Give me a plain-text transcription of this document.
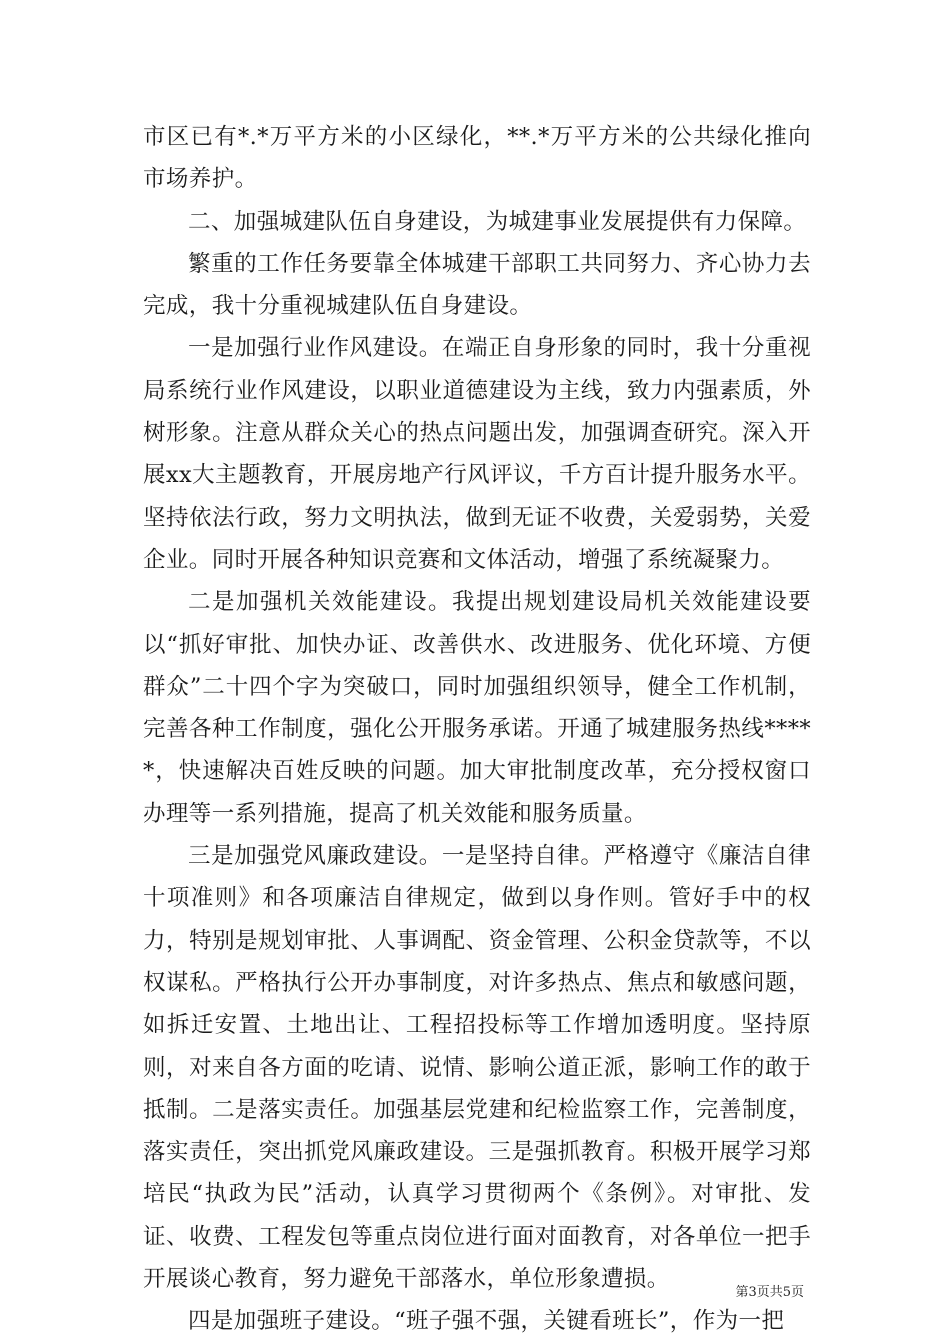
市区已有*.*万平方米的小区绿化，**.*万平方米的公共绿化推向市场养护。

二、加强城建队伍自身建设，为城建事业发展提供有力保障。

繁重的工作任务要靠全体城建干部职工共同努力、齐心协力去完成，我十分重视城建队伍自身建设。

一是加强行业作风建设。在端正自身形象的同时，我十分重视局系统行业作风建设，以职业道德建设为主线，致力内强素质，外树形象。注意从群众关心的热点问题出发，加强调查研究。深入开展xx大主题教育，开展房地产行风评议，千方百计提升服务水平。坚持依法行政，努力文明执法，做到无证不收费，关爱弱势，关爱企业。同时开展各种知识竞赛和文体活动，增强了系统凝聚力。

二是加强机关效能建设。我提出规划建设局机关效能建设要以“抓好审批、加快办证、改善供水、改进服务、优化环境、方便群众”二十四个字为突破口，同时加强组织领导，健全工作机制，完善各种工作制度，强化公开服务承诺。开通了城建服务热线*****，快速解决百姓反映的问题。加大审批制度改革，充分授权窗口办理等一系列措施，提高了机关效能和服务质量。

三是加强党风廉政建设。一是坚持自律。严格遵守《廉洁自律十项准则》和各项廉洁自律规定，做到以身作则。管好手中的权力，特别是规划审批、人事调配、资金管理、公积金贷款等，不以权谋私。严格执行公开办事制度，对许多热点、焦点和敏感问题，如拆迁安置、土地出让、工程招投标等工作增加透明度。坚持原则，对来自各方面的吃请、说情、影响公道正派，影响工作的敢于抵制。二是落实责任。加强基层党建和纪检监察工作，完善制度，落实责任，突出抓党风廉政建设。三是强抓教育。积极开展学习郑培民“执政为民”活动，认真学习贯彻两个《条例》。对审批、发证、收费、工程发包等重点岗位进行面对面教育，对各单位一把手开展谈心教育，努力避免干部落水，单位形象遭损。

四是加强班子建设。“班子强不强，关键看班长”，作为一把

第3页共5页
